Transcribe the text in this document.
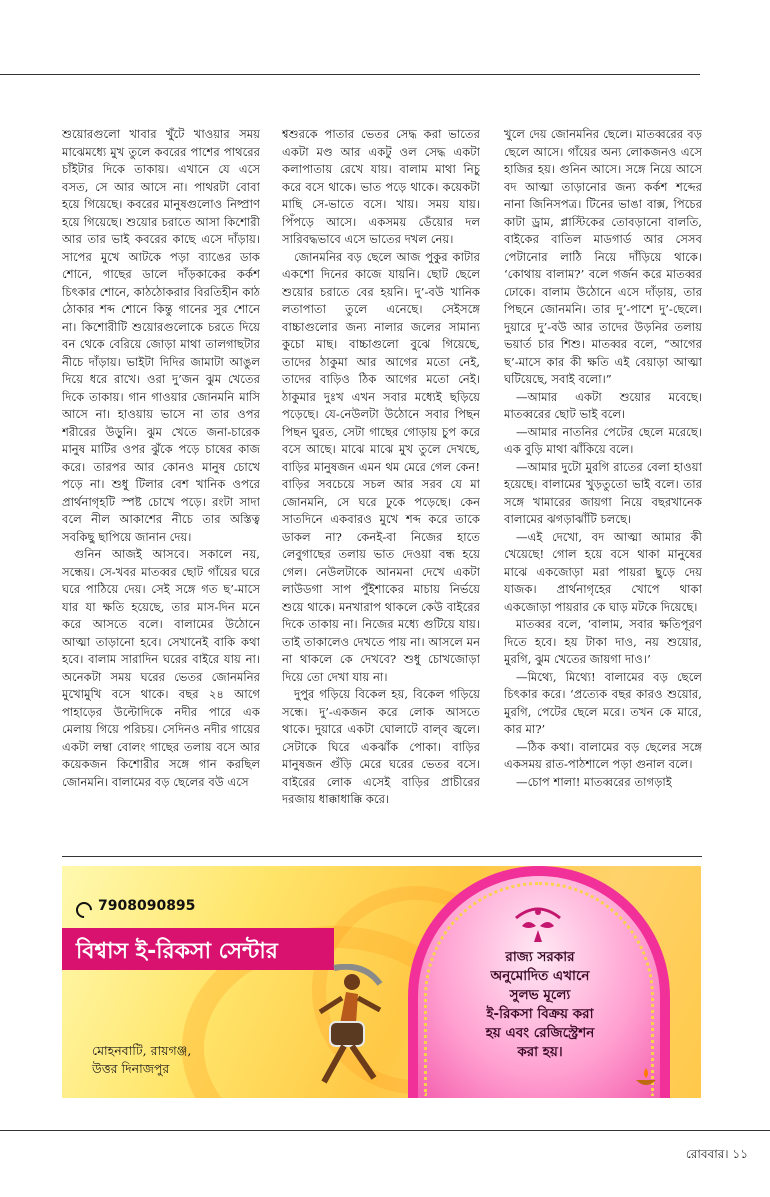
শুয়োরগুলো খাবার খুঁটে খাওয়ার সময় মাঝেমধ্যে মুখ তুলে কবরের পাশের পাথরের চাঁইটার দিকে তাকায়। এখানে যে এসে বসত, সে আর আসে না। পাথরটা বোবা হয়ে গিয়েছে। কবরের মানুষগুলোও নিষ্প্রাণ হয়ে গিয়েছে। শুয়োর চরাতে আসা কিশোরী আর তার ভাই কবরের কাছে এসে দাঁড়ায়। সাপের মুখে আটকে পড়া ব্যাঙের ডাক শোনে, গাছের ডালে দাঁড়কাকের কর্কশ চিৎকার শোনে, কাঠঠোকরার বিরতিহীন কাঠ ঠোকার শব্দ শোনে কিন্তু গানের সুর শোনে না। কিশোরীটি শুয়োরগুলোকে চরতে দিয়ে বন থেকে বেরিয়ে জোড়া মাথা তালগাছটার নীচে দাঁড়ায়। ভাইটা দিদির জামাটা আঙুল দিয়ে ধরে রাখে। ওরা দু’জন ঝুম খেতের দিকে তাকায়। গান গাওয়ার জোনমনি মাসি আসে না। হাওয়ায় ভাসে না তার ওপর শরীরের উড়ুনি। ঝুম খেতে জনা-চারেক মানুষ মাটির ওপর ঝুঁকে পড়ে চাষের কাজ করে। তারপর আর কোনও মানুষ চোখে পড়ে না। শুধু টিলার বেশ খানিক ওপরে প্রার্থনাগৃহটি স্পষ্ট চোখে পড়ে। রংটা সাদা বলে নীল আকাশের নীচে তার অস্তিত্ব সবকিছু ছাপিয়ে জানান দেয়।

গুনিন আজই আসবে। সকালে নয়, সন্ধেয়। সে-খবর মাতব্বর ছোট গাঁয়ের ঘরে ঘরে পাঠিয়ে দেয়। সেই সঙ্গে গত ছ’-মাসে যার যা ক্ষতি হয়েছে, তার মাস-দিন মনে করে আসতে বলে। বালামের উঠোনে আত্মা তাড়ানো হবে। সেখানেই বাকি কথা হবে। বালাম সারাদিন ঘরের বাইরে যায় না। অনেকটা সময় ঘরের ভেতর জোনমনির মুখোমুখি বসে থাকে। বছর ২৪ আগে পাহাড়ের উল্টোদিকে নদীর পারে এক মেলায় গিয়ে পরিচয়। সেদিনও নদীর গায়ের একটা লম্বা বোলং গাছের তলায় বসে আর কয়েকজন কিশোরীর সঙ্গে গান করছিল জোনমনি। বালামের বড় ছেলের বউ এসে

শ্বশুরকে পাতার ভেতর সেদ্ধ করা ভাতের একটা মণ্ড আর একটু ওল সেদ্ধ একটা কলাপাতায় রেখে যায়। বালাম মাথা নিচু করে বসে থাকে। ভাত পড়ে থাকে। কয়েকটা মাছি সে-ভাতে বসে। খায়। সময় যায়। পিঁপড়ে আসে। একসময় ডেঁয়োর দল সারিবদ্ধভাবে এসে ভাতের দখল নেয়।

জোনমনির বড় ছেলে আজ পুকুর কাটার একশো দিনের কাজে যায়নি। ছোট ছেলে শুয়োর চরাতে বের হয়নি। দু’-বউ খানিক লতাপাতা তুলে এনেছে। সেইসঙ্গে বাচ্চাগুলোর জন্য নালার জলের সামান্য কুচো মাছ। বাচ্চাগুলো বুঝে গিয়েছে, তাদের ঠাকুমা আর আগের মতো নেই, তাদের বাড়িও ঠিক আগের মতো নেই। ঠাকুমার দুঃখ এখন সবার মধ্যেই ছড়িয়ে পড়েছে। যে-নেউলটা উঠোনে সবার পিছন পিছন ঘুরত, সেটা গাছের গোড়ায় চুপ করে বসে আছে। মাঝে মাঝে মুখ তুলে দেখছে, বাড়ির মানুষজন এমন থম মেরে গেল কেন! বাড়ির সবচেয়ে সচল আর সরব যে মা জোনমনি, সে ঘরে ঢুকে পড়েছে। কেন সাতদিনে একবারও মুখে শব্দ করে তাকে ডাকল না? কেনই-বা নিজের হাতে লেবুগাছের তলায় ভাত দেওয়া বন্ধ হয়ে গেল। নেউলটাকে আনমনা দেখে একটা লাউডগা সাপ পুঁইশাকের মাচায় নির্ভয়ে শুয়ে থাকে। মনখারাপ থাকলে কেউ বাইরের দিকে তাকায় না। নিজের মধ্যে গুটিয়ে যায়। তাই তাকালেও দেখতে পায় না। আসলে মন না থাকলে কে দেখবে? শুধু চোখজোড়া দিয়ে তো দেখা যায় না।

দুপুর গড়িয়ে বিকেল হয়, বিকেল গড়িয়ে সন্ধে। দু’-একজন করে লোক আসতে থাকে। দুয়ারে একটা ঘোলাটে বাল্‌ব জ্বলে। সেটাকে ঘিরে একঝাঁক পোকা। বাড়ির মানুষজন গুঁড়ি মেরে ঘরের ভেতর বসে। বাইরের লোক এসেই বাড়ির প্রাচীরের দরজায় ধাক্কাধাক্কি করে।

খুলে দেয় জোনমনির ছেলে। মাতব্বরের বড় ছেলে আসে। গাঁয়ের অন্য লোকজনও এসে হাজির হয়। গুনিন আসে। সঙ্গে নিয়ে আসে বদ আত্মা তাড়ানোর জন্য কর্কশ শব্দের নানা জিনিসপত্র। টিনের ভাঙা বাক্স, পিচের কাটা ড্রাম, প্লাস্টিকের তোবড়ানো বালতি, বাইকের বাতিল মাডগার্ড আর সেসব পেটানোর লাঠি নিয়ে দাঁড়িয়ে থাকে। ‘কোথায় বালাম?’ বলে গর্জন করে মাতব্বর ঢোকে। বালাম উঠোনে এসে দাঁড়ায়, তার পিছনে জোনমনি। তার দু’-পাশে দু’-ছেলে। দুয়ারে দু’-বউ আর তাদের উড়নির তলায় ভয়ার্ত চার শিশু। মাতব্বর বলে, “আগের ছ’-মাসে কার কী ক্ষতি এই বেয়াড়া আত্মা ঘটিয়েছে, সবাই বলো।”

—আমার একটা শুয়োর মবেছে। মাতব্বরের ছোট ভাই বলে।

—আমার নাতনির পেটের ছেলে মরেছে। এক বুড়ি মাথা ঝাঁকিয়ে বলে।

—আমার দুটো মুরগি রাতের বেলা হাওয়া হয়েছে। বালামের খুড়তুতো ভাই বলে। তার সঙ্গে খামারের জায়গা নিয়ে বছরখানেক বালামের ঝগড়াঝাঁটি চলছে।

—এই দেখো, বদ আত্মা আমার কী খেয়েছে! গোল হয়ে বসে থাকা মানুষের মাঝে একজোড়া মরা পায়রা ছুড়ে দেয় যাজক। প্রার্থনাগৃহের খোপে থাকা একজোড়া পায়রার কে ঘাড় মটকে দিয়েছে।

মাতব্বর বলে, ‘বালাম, সবার ক্ষতিপূরণ দিতে হবে। হয় টাকা দাও, নয় শুয়োর, মুরগি, ঝুম খেতের জায়গা দাও।’

—মিথ্যে, মিথ্যে! বালামের বড় ছেলে চিৎকার করে। ‘প্রত্যেক বছর কারও শুয়োর, মুরগি, পেটের ছেলে মরে। তখন কে মারে, কার মা?’

—ঠিক কথা। বালামের বড় ছেলের সঙ্গে একসময় রাত-পাঠশালে পড়া গুনাল বলে।

—চোপ শালা! মাতব্বরের তাগড়াই

7908090895
বিশ্বাস ই-রিকসা সেন্টার
মোহনবাটি, রায়গঞ্জ,
উত্তর দিনাজপুর
রাজ্য সরকার
অনুমোদিত এখানে
সুলভ মূল্যে
ই-রিকসা বিক্রয় করা
হয় এবং রেজিস্ট্রেশন
করা হয়।
রোববার। ১১
